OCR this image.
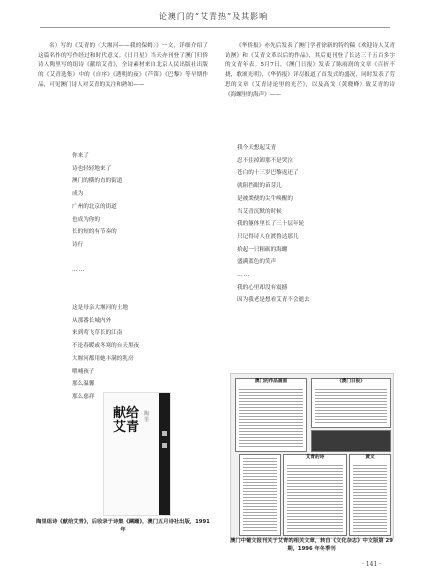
论澳门的“艾青热”及其影响

名）写的《艾青的〈大堰河——我的保姆〉》一文，详细介绍了这篇名作的写作经过和时代意义。《日月星》当天亦刊登了澳门归侨诗人陶里写的组诗《献给艾青》，全诗素材来自北京人民出版社出版的《艾青选集》中的《自序》《透明的夜》《芦笛》《巴黎》等早期作品，可见澳门诗人对艾青的关注和熟知——

你来了
诗也轻轻地来了
澳门的横的直的街道
成为
广州的北京的街道
也成为你的
长的短的有节奏的
诗行
……
这是母亲大堰河的土地
从那番长城内外
来到莺飞草长的江南
不论春暖或冬寒的台天黑夜
大堰河都用她丰满的乳房
喂哺孩子
那么温馨
那么慈祥
献给
艾青
陶里
陶里组诗《献给艾青》，后收录于诗集《蹒跚》，澳门五月诗社出版，1991 年

《华侨报》亦先后发表了澳门学者徐新的特约稿《欢迎诗人艾青访澳》和《艾青文革以后的作品》，其后更刊登了长达三千五百多字的文青年表。5月7日，《澳门日报》发表了陈雨润的文章《百折不挠，歌颂光明》，《华侨报》详尽报道了首发式的盛况，同时发表了劳思的文章《艾青诗论里的光芒》，以及高戈（黄晓峰）致艾青的诗《海螺里的海声》——

我今天想起艾青
忍不住掉卸那不是哭泣
苍白的十三岁巴黎返还了
就阻挡眼的苗芽儿
是被粪便的尖牛唤醒的
当艾青沉默的时候
我的躯体里长了三十层年轮
只记得诗人在渡鲁达那儿
拾起一只粗砺的海螺
盛满蓝色的笑声
……
我的心里却没有震撼
因为我老是想看艾青不会逝去
澳门的作品画面	《澳门日报》
艾青的诗	黄文
澳门中葡文报刊关于艾青的相关文章，转自《文化杂志》中文版第 29 期，1996 年冬季刊
· 141 ·
